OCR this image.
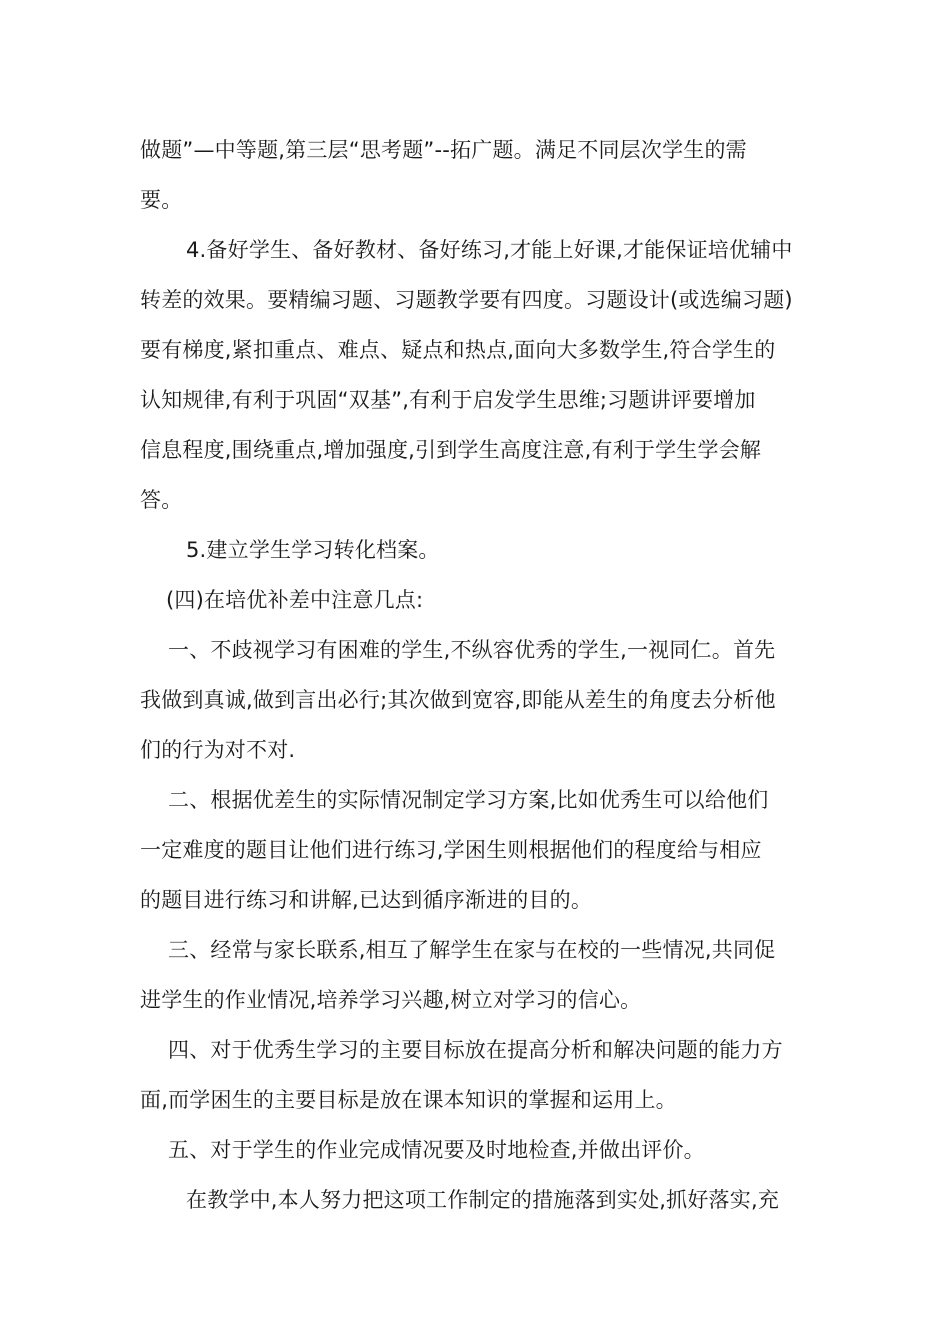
做题”—中等题,第三层“思考题”--拓广题。满足不同层次学生的需
要。
4.备好学生、备好教材、备好练习,才能上好课,才能保证培优辅中
转差的效果。要精编习题、习题教学要有四度。习题设计(或选编习题)
要有梯度,紧扣重点、难点、疑点和热点,面向大多数学生,符合学生的
认知规律,有利于巩固“双基”,有利于启发学生思维;习题讲评要增加
信息程度,围绕重点,增加强度,引到学生高度注意,有利于学生学会解
答。
5.建立学生学习转化档案。
(四)在培优补差中注意几点:
一、不歧视学习有困难的学生,不纵容优秀的学生,一视同仁。首先
我做到真诚,做到言出必行;其次做到宽容,即能从差生的角度去分析他
们的行为对不对.
二、根据优差生的实际情况制定学习方案,比如优秀生可以给他们
一定难度的题目让他们进行练习,学困生则根据他们的程度给与相应
的题目进行练习和讲解,已达到循序渐进的目的。
三、经常与家长联系,相互了解学生在家与在校的一些情况,共同促
进学生的作业情况,培养学习兴趣,树立对学习的信心。
四、对于优秀生学习的主要目标放在提高分析和解决问题的能力方
面,而学困生的主要目标是放在课本知识的掌握和运用上。
五、对于学生的作业完成情况要及时地检查,并做出评价。
在教学中,本人努力把这项工作制定的措施落到实处,抓好落实,充
